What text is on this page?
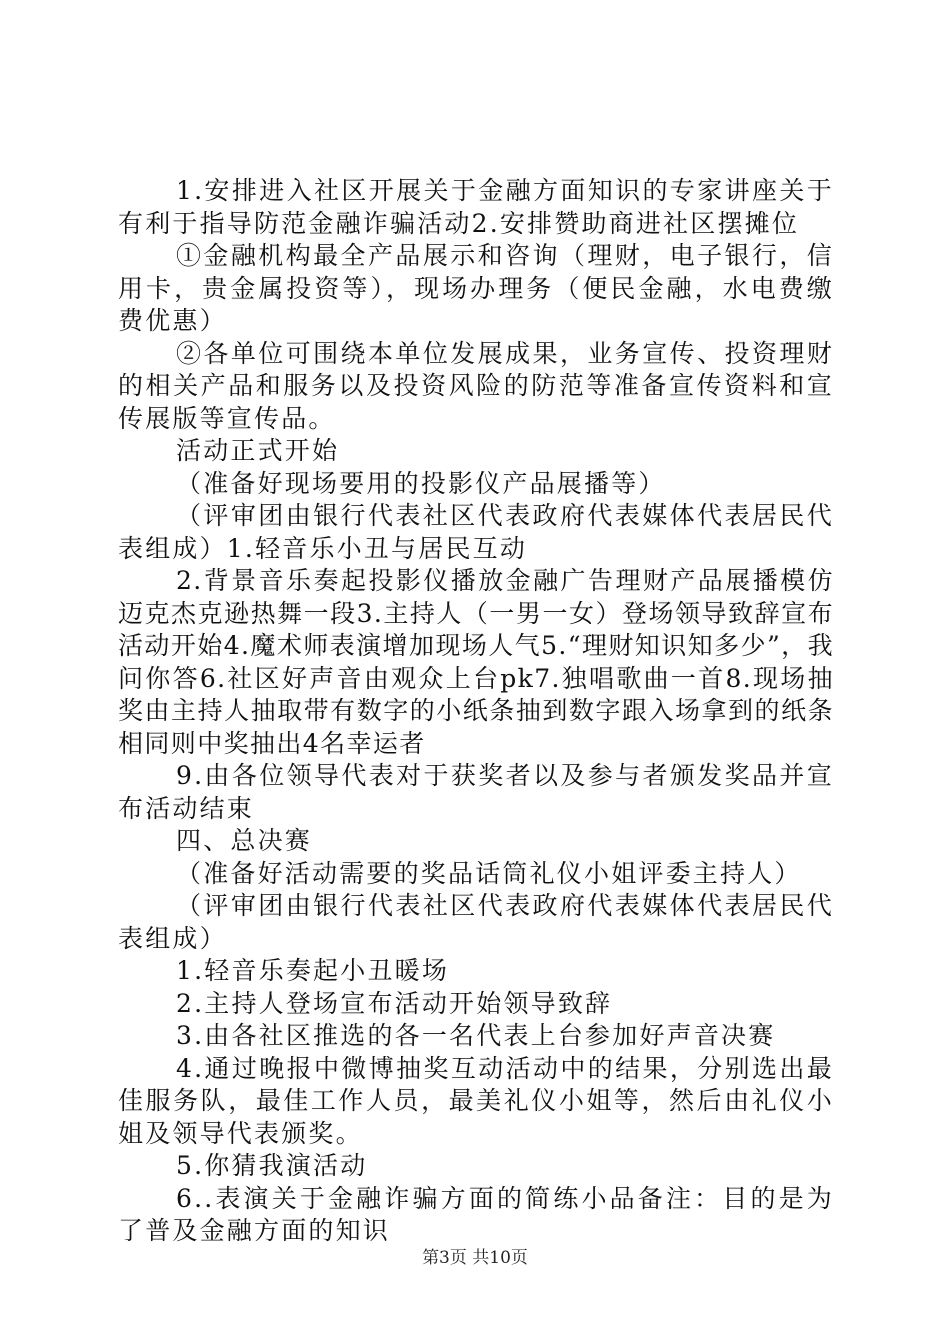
1.安排进入社区开展关于金融方面知识的专家讲座关于有利于指导防范金融诈骗活动2.安排赞助商进社区摆摊位

①金融机构最全产品展示和咨询（理财，电子银行，信用卡，贵金属投资等），现场办理务（便民金融，水电费缴费优惠）

②各单位可围绕本单位发展成果，业务宣传、投资理财的相关产品和服务以及投资风险的防范等准备宣传资料和宣传展版等宣传品。

活动正式开始

（准备好现场要用的投影仪产品展播等）

（评审团由银行代表社区代表政府代表媒体代表居民代表组成）1.轻音乐小丑与居民互动

2.背景音乐奏起投影仪播放金融广告理财产品展播模仿迈克杰克逊热舞一段3.主持人（一男一女）登场领导致辞宣布活动开始4.魔术师表演增加现场人气5.“理财知识知多少”，我问你答6.社区好声音由观众上台pk7.独唱歌曲一首8.现场抽奖由主持人抽取带有数字的小纸条抽到数字跟入场拿到的纸条相同则中奖抽出4名幸运者

9.由各位领导代表对于获奖者以及参与者颁发奖品并宣布活动结束

四、总决赛

（准备好活动需要的奖品话筒礼仪小姐评委主持人）

（评审团由银行代表社区代表政府代表媒体代表居民代表组成）

1.轻音乐奏起小丑暖场

2.主持人登场宣布活动开始领导致辞

3.由各社区推选的各一名代表上台参加好声音决赛

4.通过晚报中微博抽奖互动活动中的结果，分别选出最佳服务队，最佳工作人员，最美礼仪小姐等，然后由礼仪小姐及领导代表颁奖。

5.你猜我演活动

6..表演关于金融诈骗方面的简练小品备注：目的是为了普及金融方面的知识

第3页 共10页
